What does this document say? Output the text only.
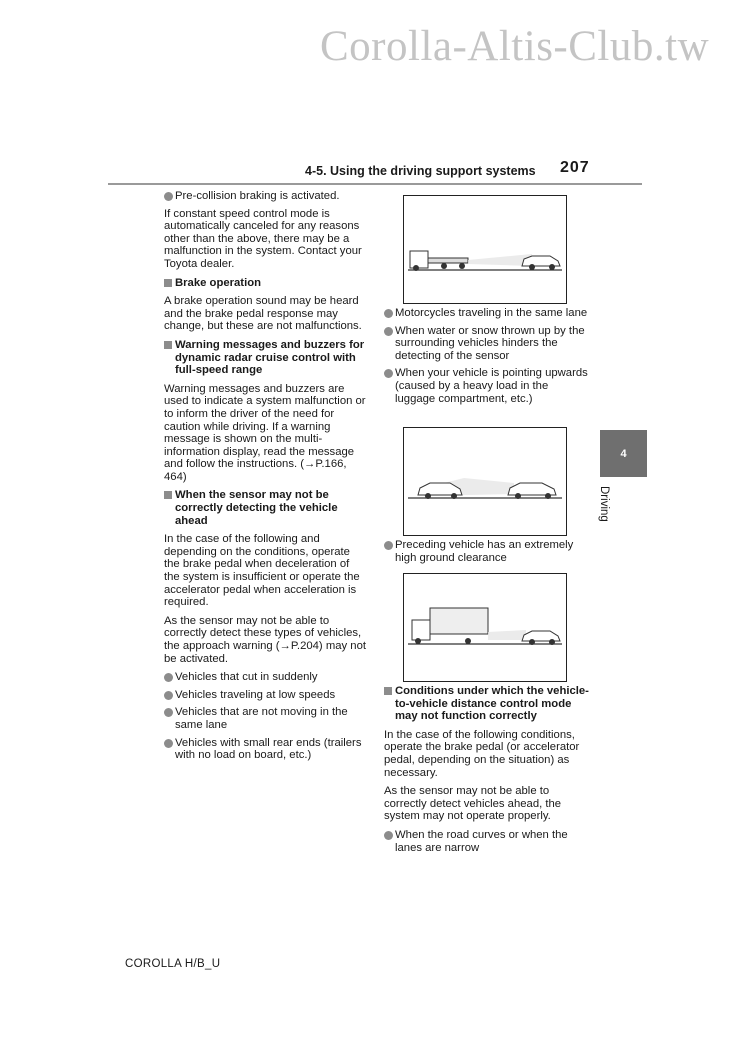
Corolla-Altis-Club.tw
4-5. Using the driving support systems 207
Pre-collision braking is activated.

If constant speed control mode is automatically canceled for any reasons other than the above, there may be a malfunction in the system. Contact your Toyota dealer.

Brake operation

A brake operation sound may be heard and the brake pedal response may change, but these are not malfunctions.

Warning messages and buzzers for dynamic radar cruise control with full-speed range

Warning messages and buzzers are used to indicate a system malfunction or to inform the driver of the need for caution while driving. If a warning message is shown on the multi-information display, read the message and follow the instructions. (→P.166, 464)

When the sensor may not be correctly detecting the vehicle ahead

In the case of the following and depending on the conditions, operate the brake pedal when deceleration of the system is insufficient or operate the accelerator pedal when acceleration is required.

As the sensor may not be able to correctly detect these types of vehicles, the approach warning (→P.204) may not be activated.

Vehicles that cut in suddenly
Vehicles traveling at low speeds
Vehicles that are not moving in the same lane
Vehicles with small rear ends (trailers with no load on board, etc.)
Motorcycles traveling in the same lane
When water or snow thrown up by the surrounding vehicles hinders the detecting of the sensor
When your vehicle is pointing upwards (caused by a heavy load in the luggage compartment, etc.)
Preceding vehicle has an extremely high ground clearance
Conditions under which the vehicle-to-vehicle distance control mode may not function correctly

In the case of the following conditions, operate the brake pedal (or accelerator pedal, depending on the situation) as necessary.

As the sensor may not be able to correctly detect vehicles ahead, the system may not operate properly.

When the road curves or when the lanes are narrow
4
Driving
COROLLA H/B_U
